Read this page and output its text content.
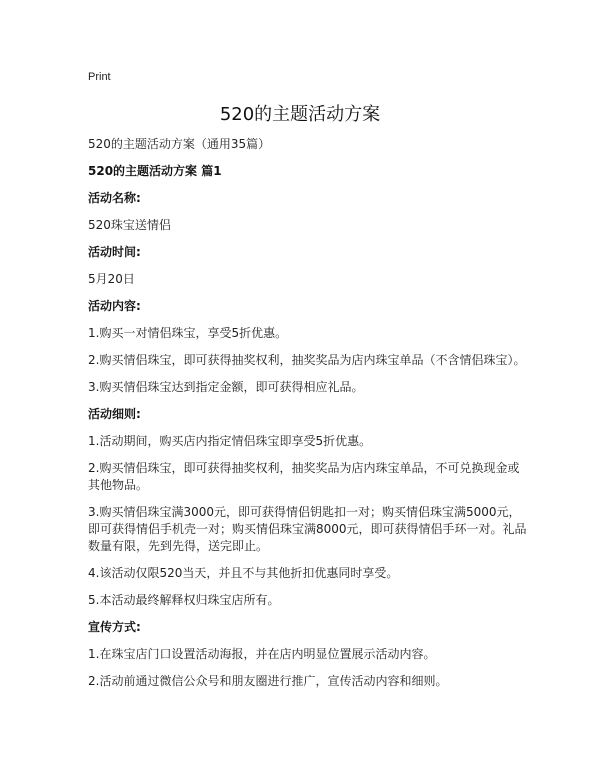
Print
520的主题活动方案

520的主题活动方案（通用35篇）

520的主题活动方案 篇1

活动名称:

520珠宝送情侣

活动时间:

5月20日

活动内容:

1.购买一对情侣珠宝，享受5折优惠。

2.购买情侣珠宝，即可获得抽奖权利，抽奖奖品为店内珠宝单品（不含情侣珠宝）。

3.购买情侣珠宝达到指定金额，即可获得相应礼品。

活动细则:

1.活动期间，购买店内指定情侣珠宝即享受5折优惠。

2.购买情侣珠宝，即可获得抽奖权利，抽奖奖品为店内珠宝单品，不可兑换现金或其他物品。

3.购买情侣珠宝满3000元，即可获得情侣钥匙扣一对；购买情侣珠宝满5000元，即可获得情侣手机壳一对；购买情侣珠宝满8000元，即可获得情侣手环一对。礼品数量有限，先到先得，送完即止。

4.该活动仅限520当天，并且不与其他折扣优惠同时享受。

5.本活动最终解释权归珠宝店所有。

宣传方式:

1.在珠宝店门口设置活动海报，并在店内明显位置展示活动内容。

2.活动前通过微信公众号和朋友圈进行推广，宣传活动内容和细则。
